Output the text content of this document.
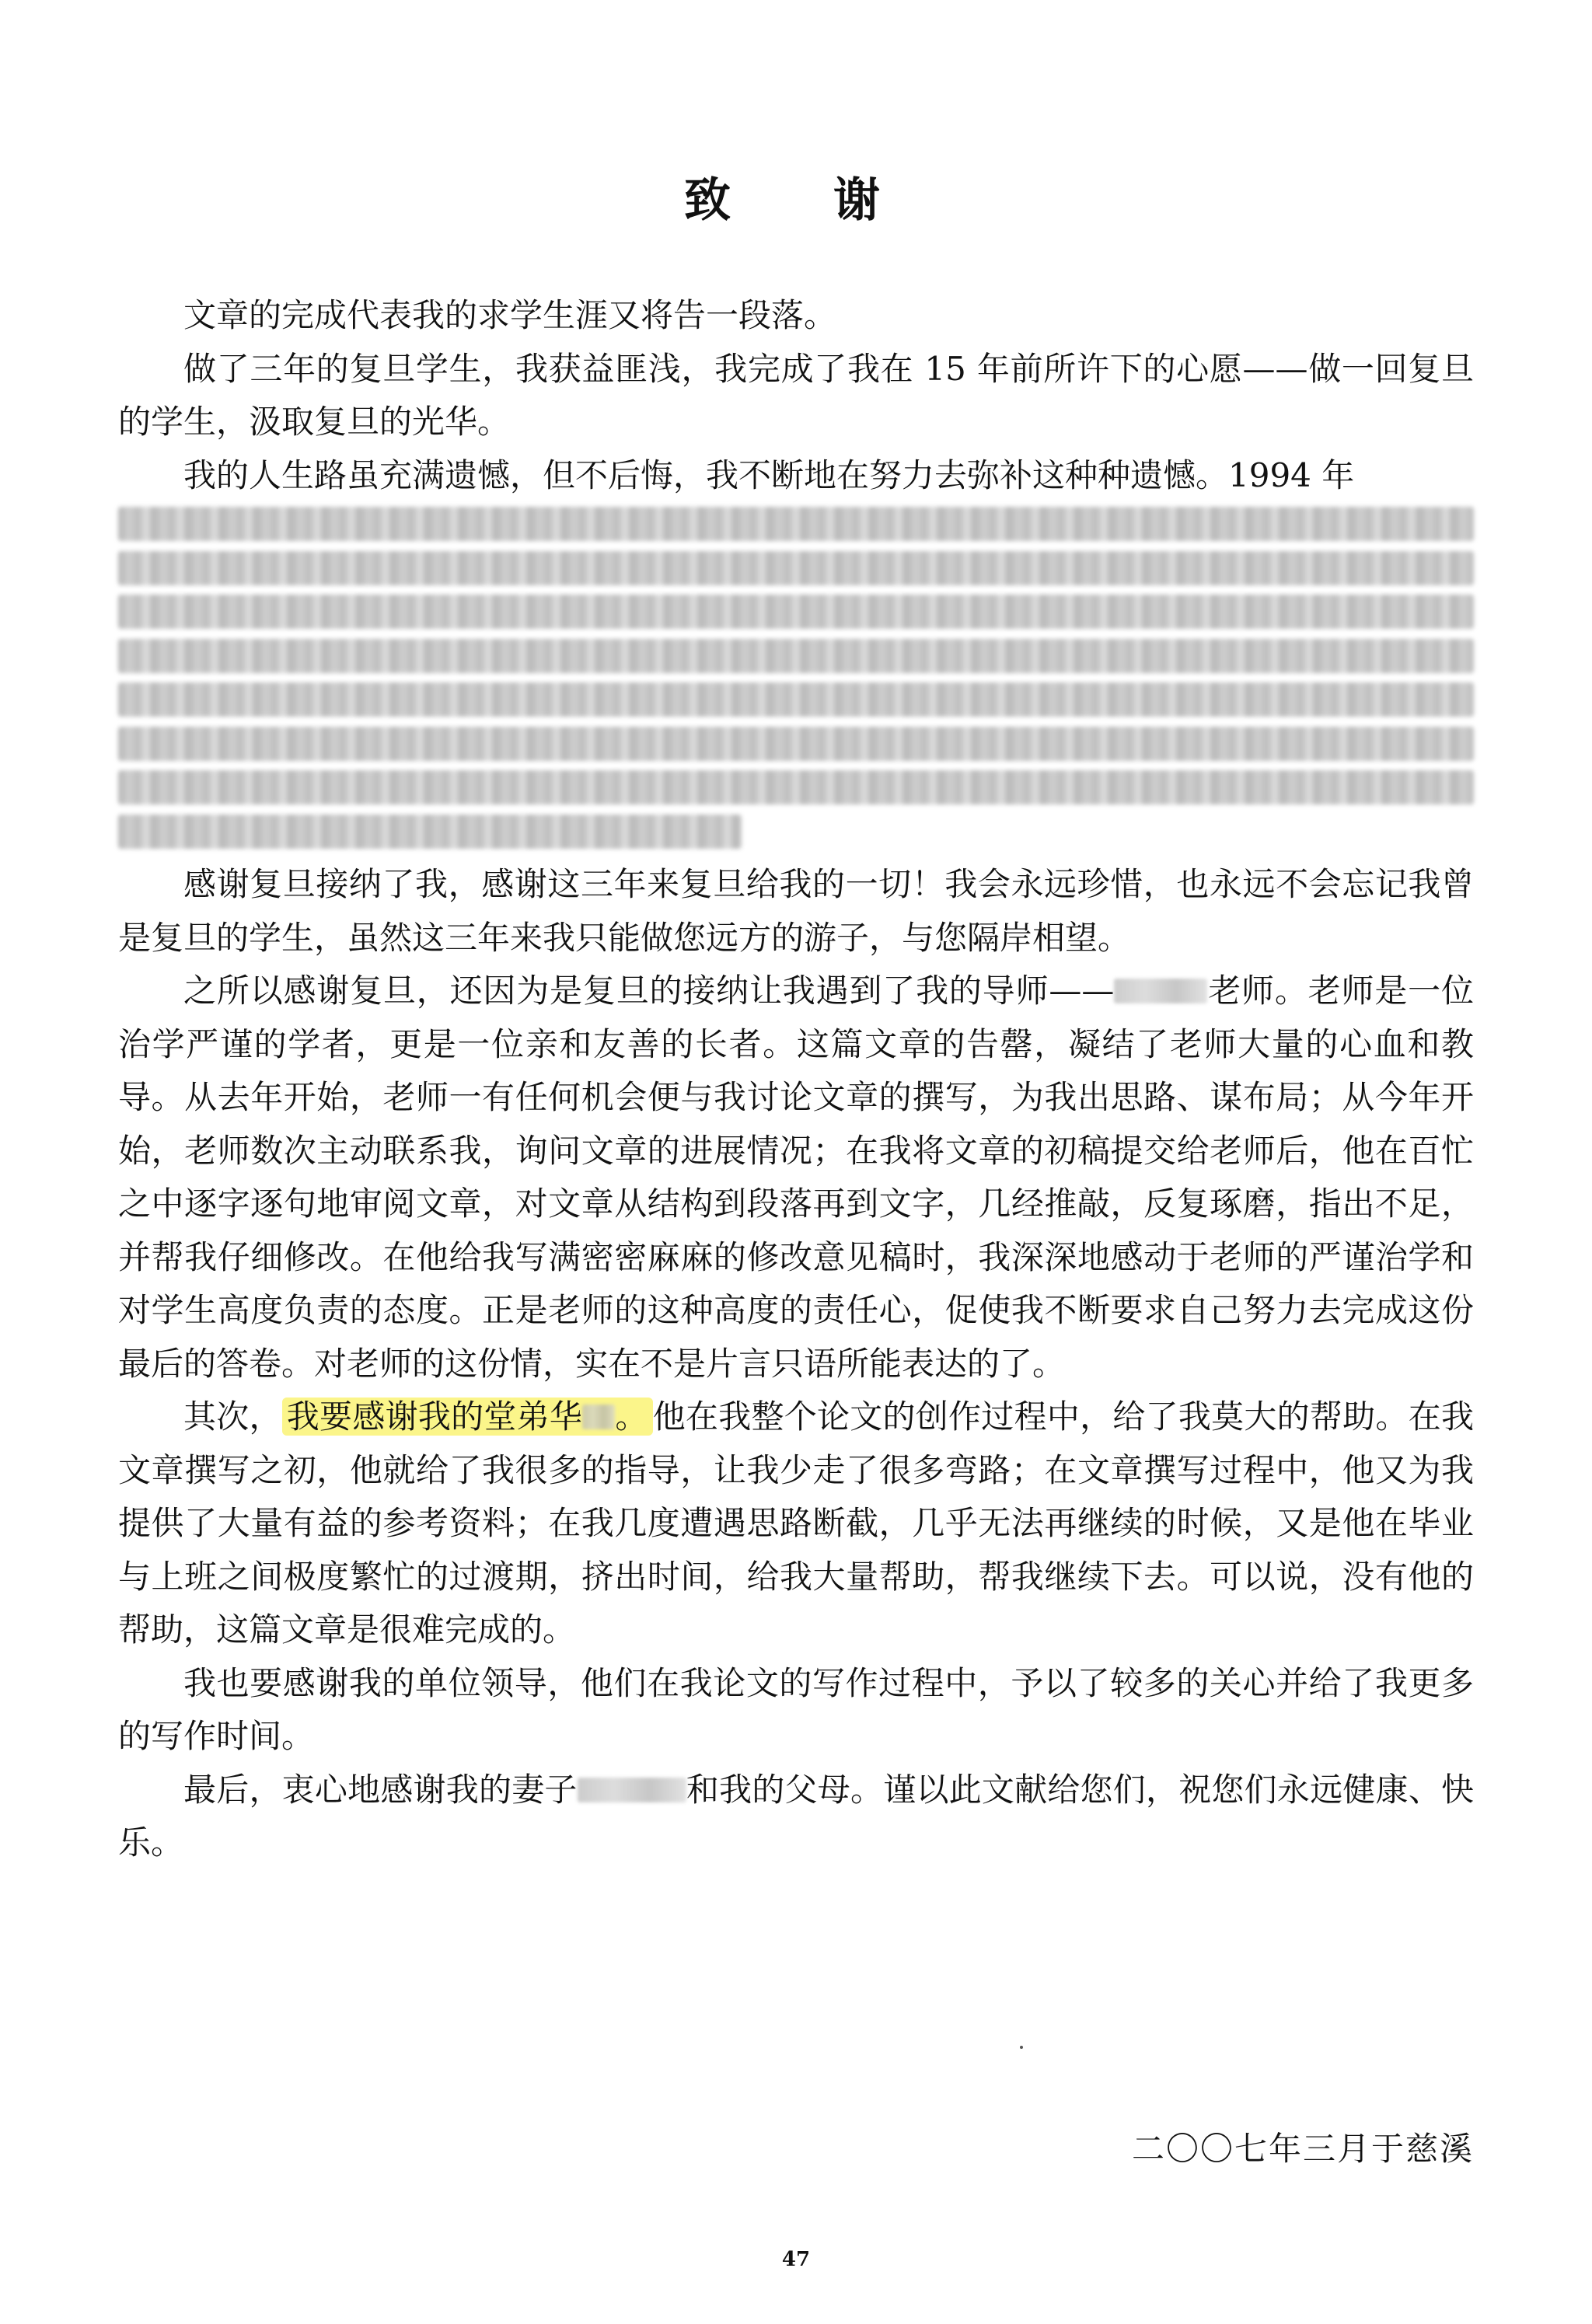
致　谢

文章的完成代表我的求学生涯又将告一段落。

做了三年的复旦学生，我获益匪浅，我完成了我在 15 年前所许下的心愿——做一回复旦的学生，汲取复旦的光华。

我的人生路虽充满遗憾，但不后悔，我不断地在努力去弥补这种种遗憾。1994 年

感谢复旦接纳了我，感谢这三年来复旦给我的一切！我会永远珍惜，也永远不会忘记我曾是复旦的学生，虽然这三年来我只能做您远方的游子，与您隔岸相望。

之所以感谢复旦，还因为是复旦的接纳让我遇到了我的导师——	老师。老师是一位治学严谨的学者，更是一位亲和友善的长者。这篇文章的告罄，凝结了老师大量的心血和教导。从去年开始，老师一有任何机会便与我讨论文章的撰写，为我出思路、谋布局；从今年开始，老师数次主动联系我，询问文章的进展情况；在我将文章的初稿提交给老师后，他在百忙之中逐字逐句地审阅文章，对文章从结构到段落再到文字，几经推敲，反复琢磨，指出不足，并帮我仔细修改。在他给我写满密密麻麻的修改意见稿时，我深深地感动于老师的严谨治学和对学生高度负责的态度。正是老师的这种高度的责任心，促使我不断要求自己努力去完成这份最后的答卷。对老师的这份情，实在不是片言只语所能表达的了。

其次， 我要感谢我的堂弟华 。 他在我整个论文的创作过程中，给了我莫大的帮助。在我文章撰写之初，他就给了我很多的指导，让我少走了很多弯路；在文章撰写过程中，他又为我提供了大量有益的参考资料；在我几度遭遇思路断截，几乎无法再继续的时候，又是他在毕业与上班之间极度繁忙的过渡期，挤出时间，给我大量帮助，帮我继续下去。可以说，没有他的帮助，这篇文章是很难完成的。

我也要感谢我的单位领导，他们在我论文的写作过程中，予以了较多的关心并给了我更多的写作时间。

最后，衷心地感谢我的妻子	和我的父母。谨以此文献给您们，祝您们永远健康、快乐。

二〇〇七年三月于慈溪
47
